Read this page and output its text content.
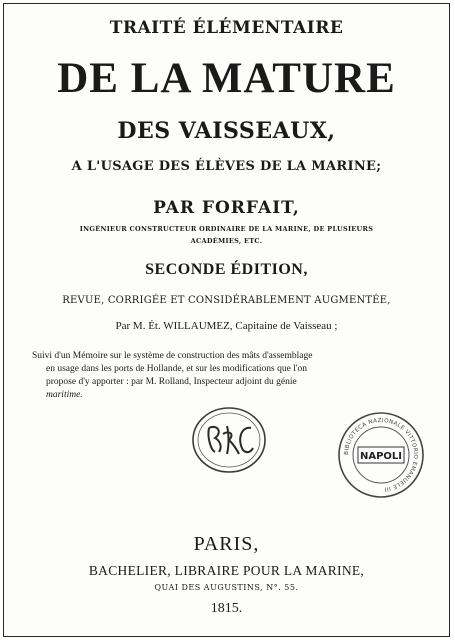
TRAITÉ ÉLÉMENTAIRE
DE LA MATURE
DES VAISSEAUX,
A L'USAGE DES ÉLÈVES DE LA MARINE;
PAR FORFAIT,
INGÉNIEUR CONSTRUCTEUR ORDINAIRE DE LA MARINE, DE PLUSIEURS
ACADÉMIES, ETC.
SECONDE ÉDITION,
REVUE, CORRIGÉE ET CONSIDÉRABLEMENT AUGMENTÉE,
Par M. Ét. WILLAUMEZ, Capitaine de Vaisseau ;
Suivi d'un Mémoire sur le système de construction des mâts d'assemblage
en usage dans les ports de Hollande, et sur les modifications que l'on
propose d'y apporter : par M. Rolland, Inspecteur adjoint du génie
maritime.
BIBLIOTECA NAZIONALE VITTORIO EMANUELE III
NAPOLI
PARIS,
BACHELIER, LIBRAIRE POUR LA MARINE,
QUAI DES AUGUSTINS, N°. 55.
1815.
